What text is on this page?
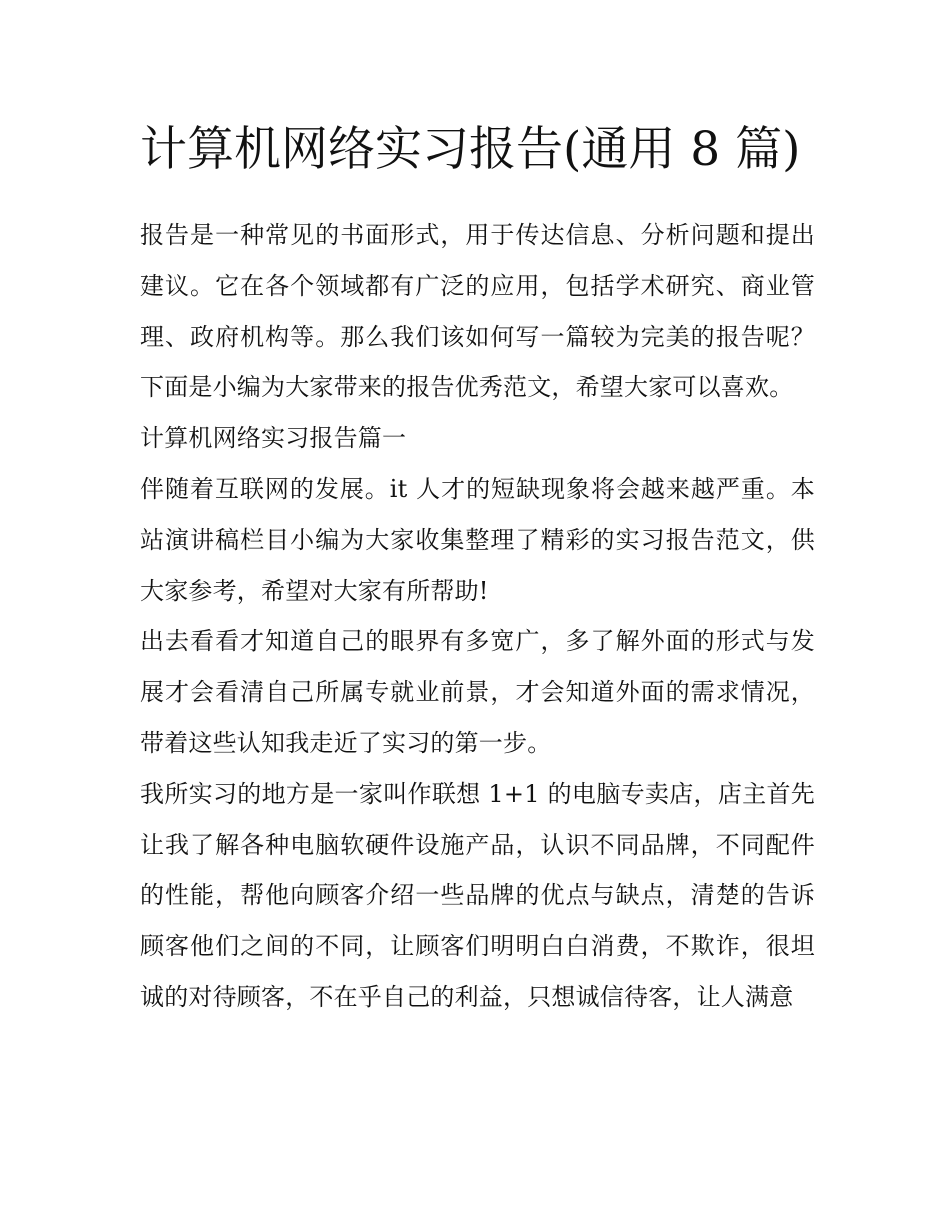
计算机网络实习报告(通用 8 篇)

报告是一种常见的书面形式，用于传达信息、分析问题和提出建议。它在各个领域都有广泛的应用，包括学术研究、商业管理、政府机构等。那么我们该如何写一篇较为完美的报告呢？下面是小编为大家带来的报告优秀范文，希望大家可以喜欢。

计算机网络实习报告篇一

伴随着互联网的发展。it 人才的短缺现象将会越来越严重。本站演讲稿栏目小编为大家收集整理了精彩的实习报告范文，供大家参考，希望对大家有所帮助!

出去看看才知道自己的眼界有多宽广，多了解外面的形式与发展才会看清自己所属专就业前景，才会知道外面的需求情况，带着这些认知我走近了实习的第一步。

我所实习的地方是一家叫作联想 1+1 的电脑专卖店，店主首先让我了解各种电脑软硬件设施产品，认识不同品牌，不同配件的性能，帮他向顾客介绍一些品牌的优点与缺点，清楚的告诉顾客他们之间的不同，让顾客们明明白白消费，不欺诈，很坦诚的对待顾客，不在乎自己的利益，只想诚信待客，让人满意
